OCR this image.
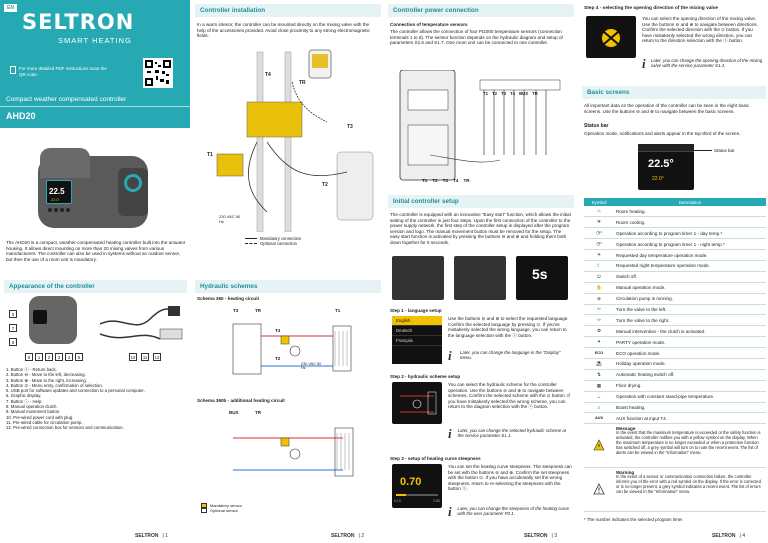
EN
SELTRON
SMART HEATING
For more detailed PDF instructions scan the QR code.
Compact weather compensated controller
AHD20
22.5
22.0
The AHD20 is a compact, weather-compensated heating controller built into the actuator housing. It allows direct mounting on more than 20 mixing valves from various manufacturers. The controller can also be used in systems without an outdoor sensor, but then the use of a room unit is mandatory.
Appearance of the controller
5
7
8
9	1	2	3	4	5	10	11	12
1. Button ⓢ - Return back.
2. Button ⊖ - Move to the left, decreasing.
3. Button ⊕ - Move to the right, increasing.
4. Button ⊙ - Menu entry, confirmation of selection.
5. USB port for software updates and connection to a personal computer.
6. Graphic display.
7. Button ⓘ - Help.
8. Manual operation clutch.
9. Manual movement button.
10. Pre-wired power cord with plug.
11. Pre-wired cable for circulation pump.
12. Pre-wired connection box for sensors and communication.
SELTRON | 1
Controller installation
In a warm interior, the controller can be mounted directly on the mixing valve with the help of the accessories provided. Avoid close proximity to any strong electromagnetic fields.
T4
TR
T1
T2
T3
230 VAC 50 Hz
Mandatory connection
Optional connection
Hydraulic schemes
Schema 360 - heating circuit
T3	TR	T1
T4
T2
230 VAC 50 Hz
Schema 360b - additional heating circuit
BUS	TR
Mandatory sensor
Optional sensor
SELTRON | 2
Controller power connection
Connection of temperature sensors
The controller allows the connection of four Pt1000 temperature sensors (connection terminals 1 to 8). The sensor function depends on the hydraulic diagram and setup of parameters S1.6 and S1.7. One room unit can be connected to one controller.
T1 T2 T3 T4 BUS TR
T1 T2 T3 T4 TR
Initial controller setup
The controller is equipped with an innovative "Easy start" function, which allows the initial setting of the controller in just four steps. Upon the first connection of the controller to the power supply network, the first step of the controller setup is displayed after the program version and logo. The manual movement button must be removed for the setup. The easy start function is activated by pressing the buttons ⊖ and ⊕ and holding them both down together for 5 seconds.
5s
Step 1 - language setup
English
Deutsch
Français
Use the buttons ⊖ and ⊕ to select the requested language. Confirm the selected language by pressing ⊙. If you've mistakenly selected the wrong language, you can return to the language selection with the ⓢ button.
i	Later, you can change the language in the "Display" menu.
Step 2 - hydraulic scheme setup
You can select the hydraulic scheme for the controller operation. Use the buttons ⊖ and ⊕ to navigate between schemes. Confirm the selected scheme with the ⊙ button. If you have mistakenly selected the wrong scheme, you can return to the diagram selection with the ⓢ button.
i	Later, you can change the selected hydraulic scheme at the service parameter S1.1.
Step 3 - setup of heating curve steepness
0.70
0.10	2.60
You can set the heating curve steepness. The steepness can be set with the buttons ⊖ and ⊕. Confirm the set steepness with the button ⊙. If you have accidentally set the wrong steepness, return to re-selecting the steepness with the button ⓢ.
i	Later, you can change the steepness of the heating curve with the user parameter P2.1.
SELTRON | 3
Step 4 - selecting the opening direction of the mixing valve
You can select the opening direction of the mixing valve. Use the buttons ⊖ and ⊕ to navigate between directions. Confirm the selected direction with the ⊙ button. If you have mistakenly selected the wrong direction, you can return to the direction selection with the ⓢ button.
i Later, you can change the opening direction of the mixing valve with the service parameter S1.4.
Basic screens
All important data on the operation of the controller can be seen in the eight basic screens. Use the buttons ⊖ and ⊕ to navigate between the basic screens.
Status bar
Operation mode, notifications and alerts appear in the top-third of the screen.
22.5°
22.0°
Status bar
Symbol	Description
♨	Room heating.
❄	Room cooling.
◷¹	Operation according to program timer 1 - day temp.*
◷¹	Operation according to program timer 1 - night temp.*
☀	Requested day temperature operation mode.
☾	Requested night temperature operation mode.
⏻	Switch off.
✋	Manual operation mode.
⊛	Circulation pump is running.
⇦	Turn the valve to the left.
⇨	Turn the valve to the right.
⚙	Manual intervention - the clutch is activated.
✦	PARTY operation mode.
ECO	ECO operation mode.
⛱	Holiday operation mode.
⇅	Automatic heating switch off.
▦	Floor drying.
↔	Operation with constant stand-pipe temperature.
⌂	Boost heating.
AUX	AUX function at input T4.

Message
In the event that the maximum temperature is exceeded or the safety function is activated, the controller notifies you with a yellow symbol on the display. When the maximum temperature is no longer exceeded or when a protection function has switched off, a grey symbol will turn on to note the recent event. The list of alerts can be viewed in the "Information" menu.

Warning
In the event of a sensor or communication connection failure, the controller informs you of the error with a red symbol on the display. If the error is corrected or is no longer present, a grey symbol indicates a recent event. The list of errors can be viewed in the "Information" menu.
* The number indicates the selected program timer
SELTRON | 4
